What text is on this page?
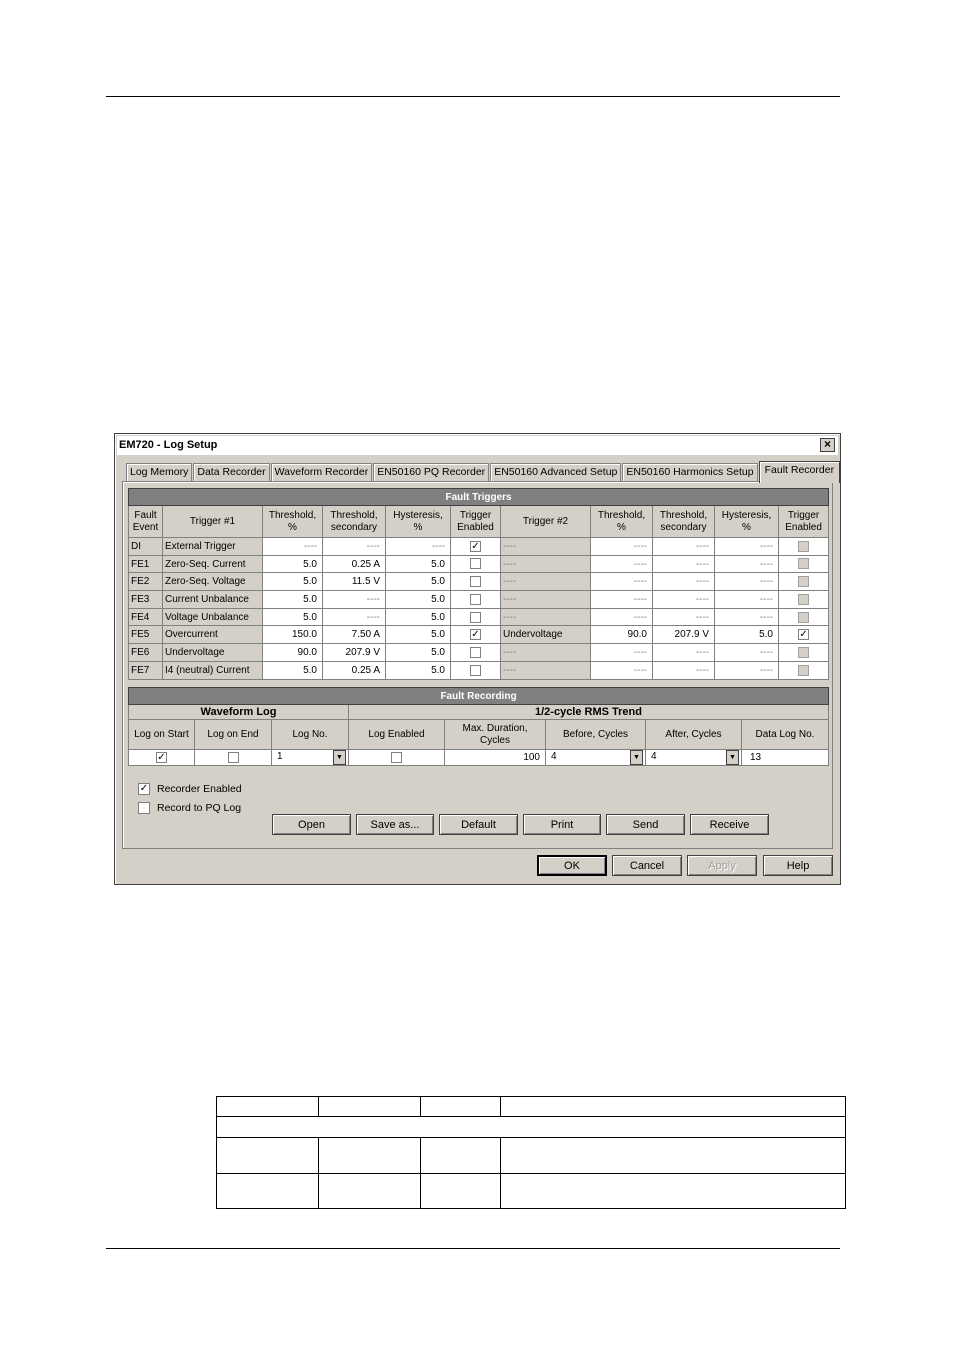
EM720 - Log Setup	×
Log Memory Data Recorder Waveform Recorder EN50160 PQ Recorder EN50160 Advanced Setup EN50160 Harmonics Setup	Fault Recorder
Fault Triggers										
Fault Event	Trigger #1	Threshold, %	Threshold, secondary	Hysteresis, %	Trigger Enabled	Trigger #2	Threshold, %	Threshold, secondary	Hysteresis, %	Trigger Enabled
DI	External Trigger	----	----	----	✓	----	----	----	----	
FE1	Zero-Seq. Current	5.0	0.25 A	5.0		----	----	----	----	
FE2	Zero-Seq. Voltage	5.0	11.5 V	5.0		----	----	----	----	
FE3	Current Unbalance	5.0	----	5.0		----	----	----	----	
FE4	Voltage Unbalance	5.0	----	5.0		----	----	----	----	
FE5	Overcurrent	150.0	7.50 A	5.0	✓	Undervoltage	90.0	207.9 V	5.0	✓
FE6	Undervoltage	90.0	207.9 V	5.0		----	----	----	----	
FE7	I4 (neutral) Current	5.0	0.25 A	5.0		----	----	----	----	
Fault Recording							
Waveform Log			1/2-cycle RMS Trend				
Log on Start	Log on End	Log No.	Log Enabled	Max. Duration, Cycles	Before, Cycles	After, Cycles	Data Log No.
✓		1 ▼		100	4 ▼	4 ▼	13
✓ Recorder Enabled
Record to PQ Log
Open	Save as...	Default	Print	Send	Receive
OK	Cancel	Apply	Help
